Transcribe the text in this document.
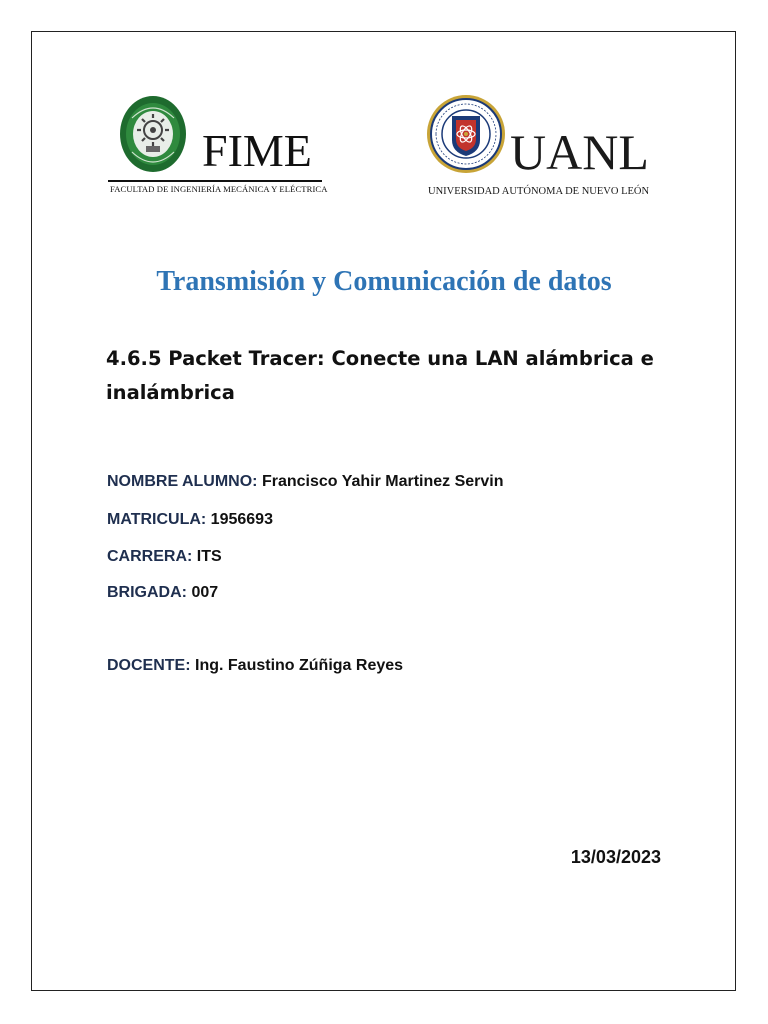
FIME
FACULTAD DE INGENIERÍA MECÁNICA Y ELÉCTRICA
UANL
UNIVERSIDAD AUTÓNOMA DE NUEVO LEÓN
Transmisión y Comunicación de datos
4.6.5 Packet Tracer: Conecte una LAN alámbrica e inalámbrica
NOMBRE ALUMNO: Francisco Yahir Martinez Servin
MATRICULA: 1956693
CARRERA: ITS
BRIGADA: 007
DOCENTE: Ing. Faustino Zúñiga Reyes
13/03/2023
